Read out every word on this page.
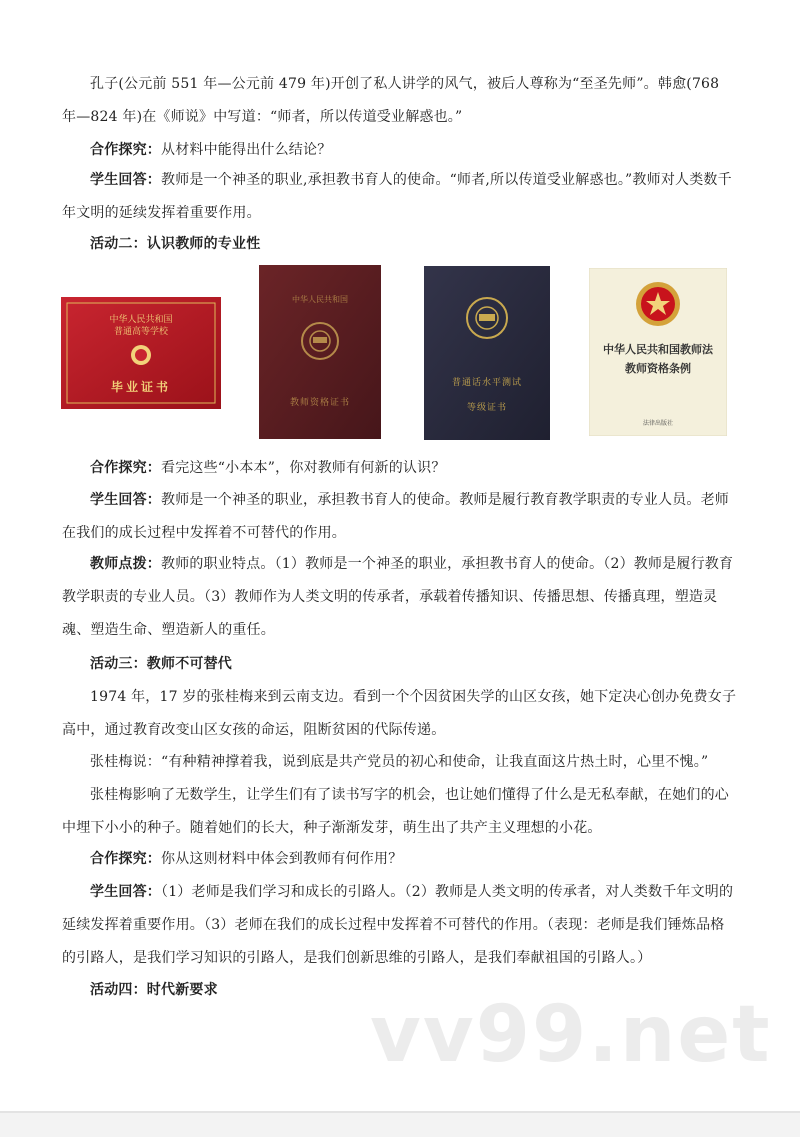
孔子(公元前 551 年—公元前 479 年)开创了私人讲学的风气，被后人尊称为“至圣先师”。韩愈(768 年—824 年)在《师说》中写道：“师者，所以传道受业解惑也。”

合作探究：从材料中能得出什么结论？

学生回答：教师是一个神圣的职业,承担教书育人的使命。“师者,所以传道受业解惑也。”教师对人类数千年文明的延续发挥着重要作用。

活动二：认识教师的专业性

中华人民共和国
普通高等学校
毕业证书
中华人民共和国
教师资格证书
普通话水平测试
等级证书
中华人民共和国教师法
教师资格条例
法律出版社

合作探究：看完这些“小本本”，你对教师有何新的认识？

学生回答：教师是一个神圣的职业，承担教书育人的使命。教师是履行教育教学职责的专业人员。老师在我们的成长过程中发挥着不可替代的作用。

教师点拨：教师的职业特点。（1）教师是一个神圣的职业，承担教书育人的使命。（2）教师是履行教育教学职责的专业人员。（3）教师作为人类文明的传承者，承载着传播知识、传播思想、传播真理，塑造灵魂、塑造生命、塑造新人的重任。

活动三：教师不可替代

1974 年，17 岁的张桂梅来到云南支边。看到一个个因贫困失学的山区女孩，她下定决心创办免费女子高中，通过教育改变山区女孩的命运，阻断贫困的代际传递。

张桂梅说：“有种精神撑着我，说到底是共产党员的初心和使命，让我直面这片热土时，心里不愧。”

张桂梅影响了无数学生，让学生们有了读书写字的机会，也让她们懂得了什么是无私奉献，在她们的心中埋下小小的种子。随着她们的长大，种子渐渐发芽，萌生出了共产主义理想的小花。

合作探究：你从这则材料中体会到教师有何作用？

学生回答：（1）老师是我们学习和成长的引路人。（2）教师是人类文明的传承者，对人类数千年文明的延续发挥着重要作用。（3）老师在我们的成长过程中发挥着不可替代的作用。（表现：老师是我们锤炼品格的引路人，是我们学习知识的引路人，是我们创新思维的引路人，是我们奉献祖国的引路人。）

活动四：时代新要求	vv99.net
